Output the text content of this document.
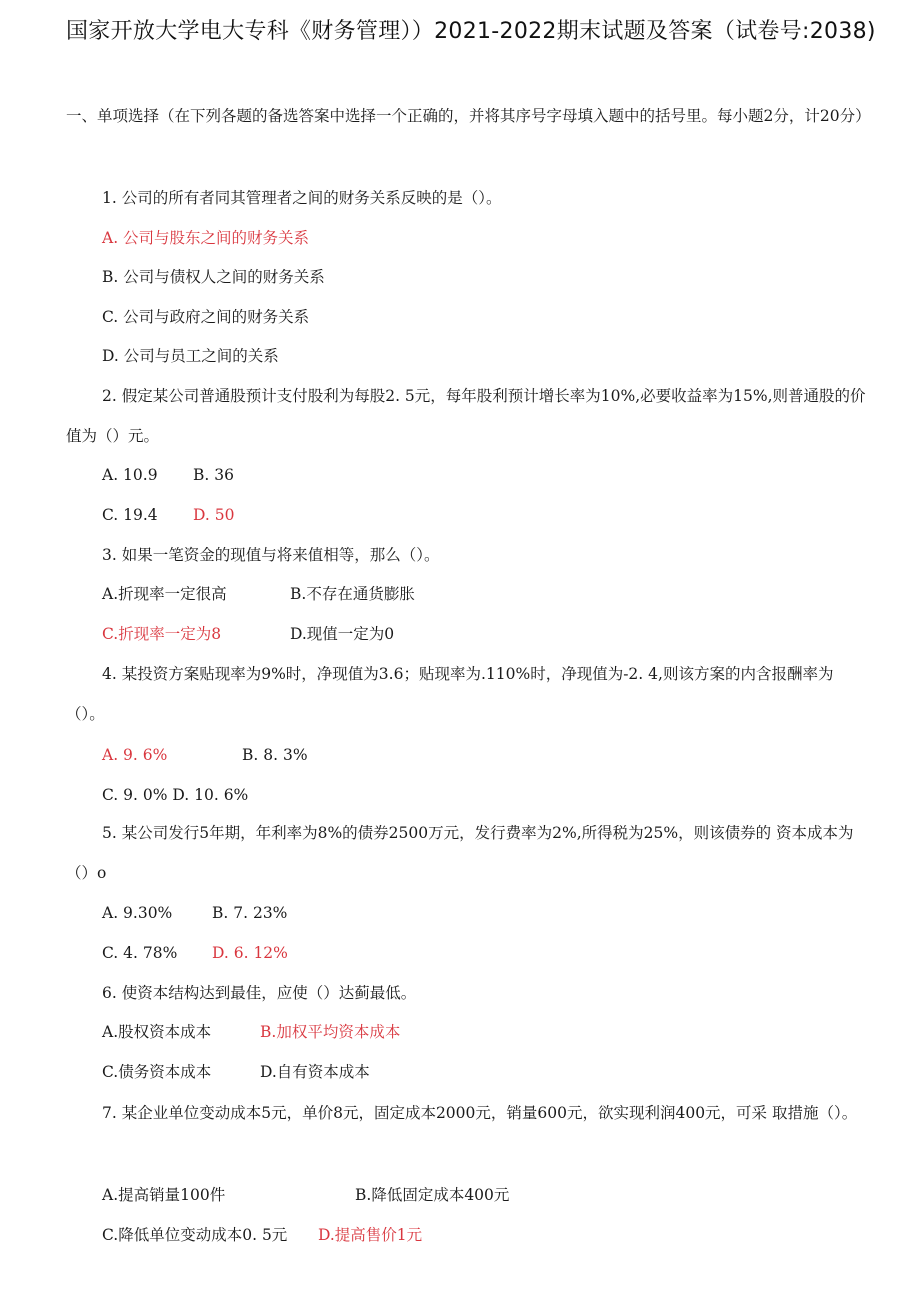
国家开放大学电大专科《财务管理））2021-2022期末试题及答案（试卷号:2038)
一、单项选择（在下列各题的备选答案中选择一个正确的，并将其序号字母填入题中的括号里。每小题2分，计20分）
1. 公司的所有者同其管理者之间的财务关系反映的是（）。
A. 公司与股东之间的财务关系
B. 公司与债权人之间的财务关系
C. 公司与政府之间的财务关系
D. 公司与员工之间的关系
2. 假定某公司普通股预计支付股利为每股2. 5元，每年股利预计增长率为10%,必要收益率为15%,则普通股的价值为（）元。
A. 10.9 B. 36
C. 19.4 D. 50
3. 如果一笔资金的现值与将来值相等，那么（）。
A.折现率一定很高	B.不存在通货膨胀
C.折现率一定为8	D.现值一定为0
4. 某投资方案贴现率为9%时，净现值为3.6；贴现率为.110%时，净现值为-2. 4,则该方案的内含报酬率为（）。
A. 9. 6%	B. 8. 3%
C. 9. 0% D. 10. 6%
5. 某公司发行5年期，年利率为8%的债券2500万元，发行费率为2%,所得税为25%，则该债券的 资本成本为（）o
A. 9.30%	B. 7. 23%
C. 4. 78% D. 6. 12%
6. 使资本结构达到最佳，应使（）达蓟最低。
A.股权资本成本	B.加权平均资本成本
C.债务资本成本	D.自有资本成本
7. 某企业单位变动成本5元，单价8元，固定成本2000元，销量600元，欲实现利润400元，可采 取措施（）。
A.提高销量100件	B.降低固定成本400元
C.降低单位变动成本0. 5元 D.提高售价1元
